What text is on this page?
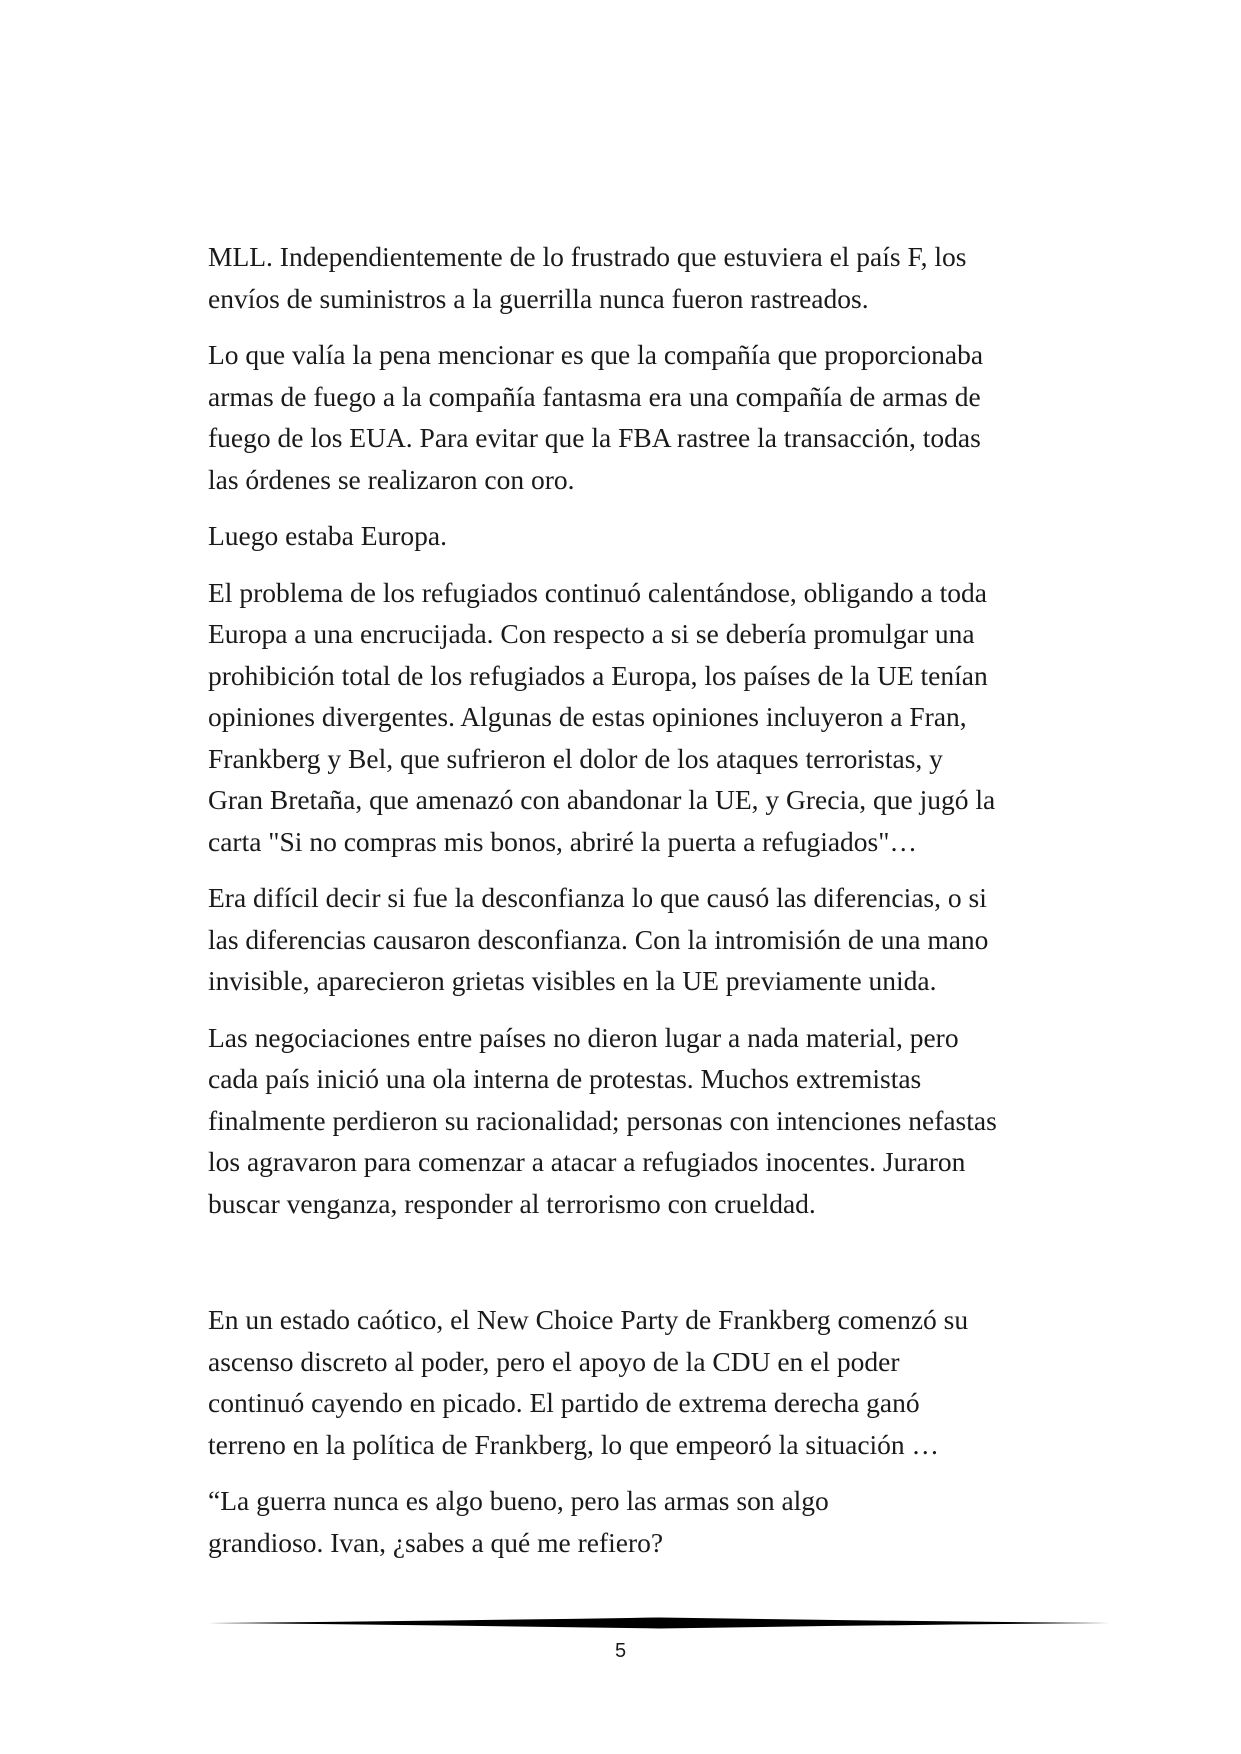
MLL. Independientemente de lo frustrado que estuviera el país F, los
envíos de suministros a la guerrilla nunca fueron rastreados.

Lo que valía la pena mencionar es que la compañía que proporcionaba
armas de fuego a la compañía fantasma era una compañía de armas de
fuego de los EUA. Para evitar que la FBA rastree la transacción, todas
las órdenes se realizaron con oro.

Luego estaba Europa.

El problema de los refugiados continuó calentándose, obligando a toda
Europa a una encrucijada. Con respecto a si se debería promulgar una
prohibición total de los refugiados a Europa, los países de la UE tenían
opiniones divergentes. Algunas de estas opiniones incluyeron a Fran,
Frankberg y Bel, que sufrieron el dolor de los ataques terroristas, y
Gran Bretaña, que amenazó con abandonar la UE, y Grecia, que jugó la
carta "Si no compras mis bonos, abriré la puerta a refugiados"…

Era difícil decir si fue la desconfianza lo que causó las diferencias, o si
las diferencias causaron desconfianza. Con la intromisión de una mano
invisible, aparecieron grietas visibles en la UE previamente unida.

Las negociaciones entre países no dieron lugar a nada material, pero
cada país inició una ola interna de protestas. Muchos extremistas
finalmente perdieron su racionalidad; personas con intenciones nefastas
los agravaron para comenzar a atacar a refugiados inocentes. Juraron
buscar venganza, responder al terrorismo con crueldad.

En un estado caótico, el New Choice Party de Frankberg comenzó su
ascenso discreto al poder, pero el apoyo de la CDU en el poder
continuó cayendo en picado. El partido de extrema derecha ganó
terreno en la política de Frankberg, lo que empeoró la situación …

“La guerra nunca es algo bueno, pero las armas son algo
grandioso. Ivan, ¿sabes a qué me refiero?

5
